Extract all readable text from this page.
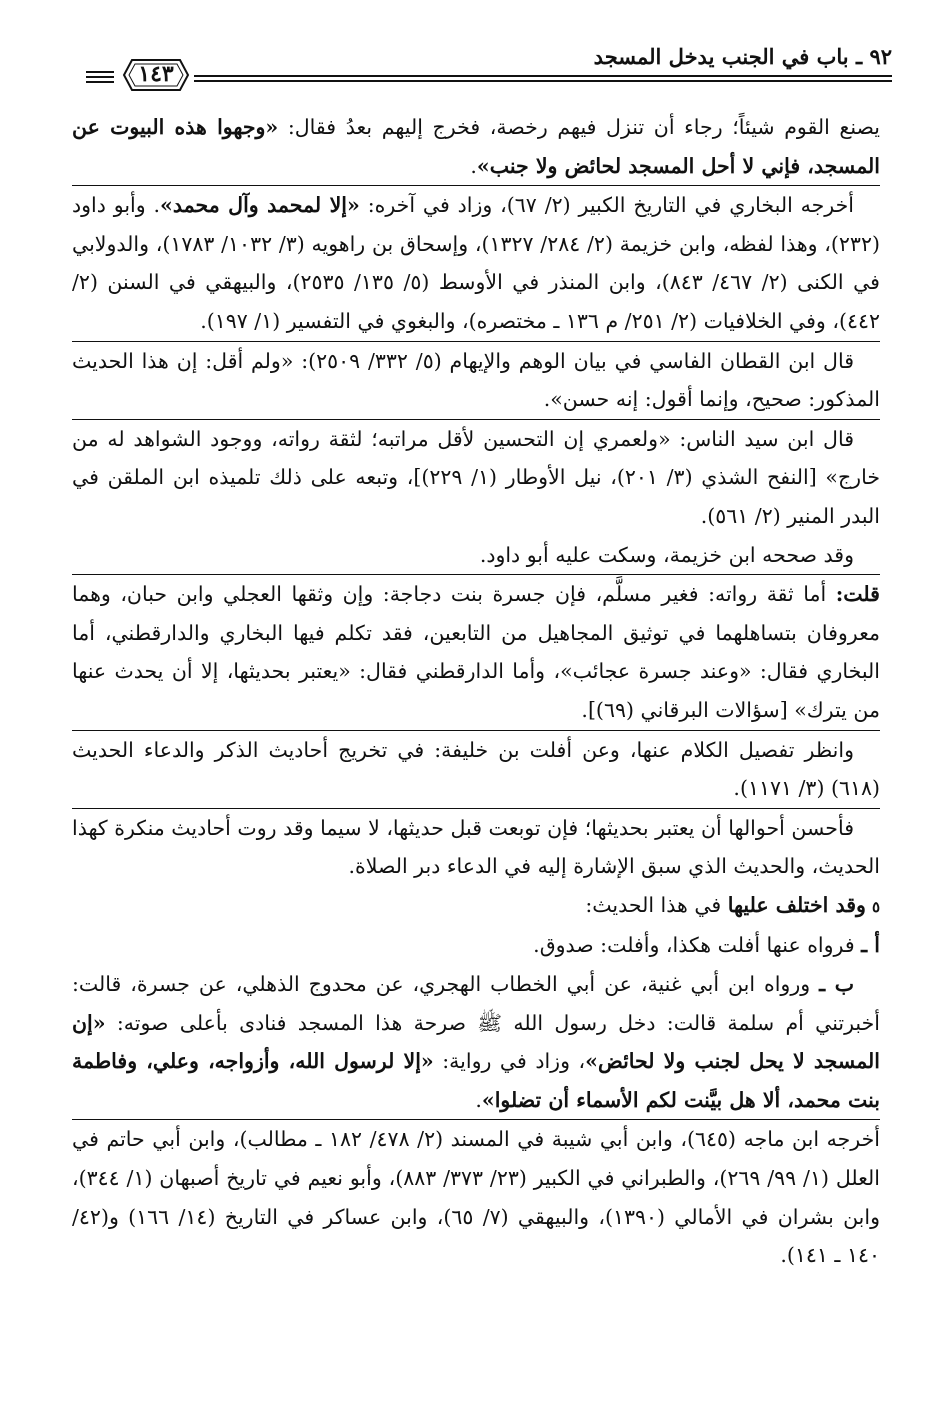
٩٢ ـ باب في الجنب يدخل المسجد
١٤٣

يصنع القوم شيئاً؛ رجاء أن تنزل فيهم رخصة، فخرج إليهم بعدُ فقال: «وجهوا هذه البيوت عن المسجد، فإني لا أحل المسجد لحائض ولا جنب».

أخرجه البخاري في التاريخ الكبير (٢/ ٦٧)، وزاد في آخره: «إلا لمحمد وآل محمد». وأبو داود (٢٣٢)، وهذا لفظه، وابن خزيمة (٢/ ٢٨٤/ ١٣٢٧)، وإسحاق بن راهويه (٣/ ١٠٣٢/ ١٧٨٣)، والدولابي في الكنى (٢/ ٤٦٧/ ٨٤٣)، وابن المنذر في الأوسط (٥/ ١٣٥/ ٢٥٣٥)، والبيهقي في السنن (٢/ ٤٤٢)، وفي الخلافيات (٢/ ٢٥١/ م ١٣٦ ـ مختصره)، والبغوي في التفسير (١/ ١٩٧).

قال ابن القطان الفاسي في بيان الوهم والإيهام (٥/ ٣٣٢/ ٢٥٠٩): «ولم أقل: إن هذا الحديث المذكور: صحيح، وإنما أقول: إنه حسن».

قال ابن سيد الناس: «ولعمري إن التحسين لأقل مراتبه؛ لثقة رواته، ووجود الشواهد له من خارج» [النفح الشذي (٣/ ٢٠١)، نيل الأوطار (١/ ٢٢٩)]، وتبعه على ذلك تلميذه ابن الملقن في البدر المنير (٢/ ٥٦١).

وقد صححه ابن خزيمة، وسكت عليه أبو داود.

قلت: أما ثقة رواته: فغير مسلَّم، فإن جسرة بنت دجاجة: وإن وثقها العجلي وابن حبان، وهما معروفان بتساهلهما في توثيق المجاهيل من التابعين، فقد تكلم فيها البخاري والدارقطني، أما البخاري فقال: «وعند جسرة عجائب»، وأما الدارقطني فقال: «يعتبر بحديثها، إلا أن يحدث عنها من يترك» [سؤالات البرقاني (٦٩)].

وانظر تفصيل الكلام عنها، وعن أفلت بن خليفة: في تخريج أحاديث الذكر والدعاء الحديث (٦١٨) (٣/ ١١٧١).

فأحسن أحوالها أن يعتبر بحديثها؛ فإن توبعت قبل حديثها، لا سيما وقد روت أحاديث منكرة كهذا الحديث، والحديث الذي سبق الإشارة إليه في الدعاء دبر الصلاة.

٥وقد اختلف عليها في هذا الحديث:

أ ـ فرواه عنها أفلت هكذا، وأفلت: صدوق.

ب ـ ورواه ابن أبي غنية، عن أبي الخطاب الهجري، عن محدوج الذهلي، عن جسرة، قالت: أخبرتني أم سلمة قالت: دخل رسول الله ﷺ صرحة هذا المسجد فنادى بأعلى صوته: «إن المسجد لا يحل لجنب ولا لحائض»، وزاد في رواية: «إلا لرسول الله، وأزواجه، وعلي، وفاطمة بنت محمد، ألا هل بيَّنت لكم الأسماء أن تضلوا».

أخرجه ابن ماجه (٦٤٥)، وابن أبي شيبة في المسند (٢/ ٤٧٨/ ١٨٢ ـ مطالب)، وابن أبي حاتم في العلل (١/ ٩٩/ ٢٦٩)، والطبراني في الكبير (٢٣/ ٣٧٣/ ٨٨٣)، وأبو نعيم في تاريخ أصبهان (١/ ٣٤٤)، وابن بشران في الأمالي (١٣٩٠)، والبيهقي (٧/ ٦٥)، وابن عساكر في التاريخ (١٤/ ١٦٦) و(٤٢/ ١٤٠ ـ ١٤١).
